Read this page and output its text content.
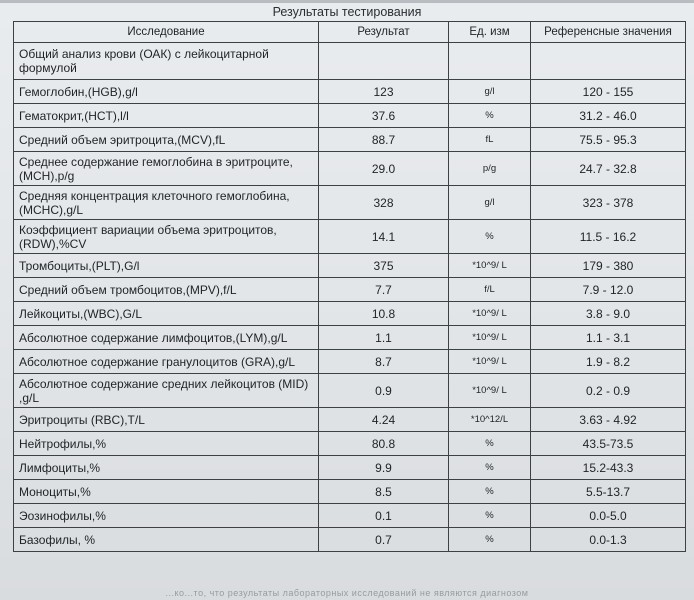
Результаты тестирования
Исследование	Результат	Ед. изм	Референсные значения
Общий анализ крови (ОАК) с лейкоцитарной формулой			
Гемоглобин,(HGB),g/l	123	g/l	120 - 155
Гематокрит,(HCT),l/l	37.6	%	31.2 - 46.0
Средний объем эритроцита,(MCV),fL	88.7	fL	75.5 - 95.3
Среднее содержание гемоглобина в эритроците, (MCH),p/g	29.0	p/g	24.7 - 32.8
Средняя концентрация клеточного гемоглобина, (MCHC),g/L	328	g/l	323 - 378
Коэффициент вариации объема эритроцитов, (RDW),%CV	14.1	%	11.5 - 16.2
Тромбоциты,(PLT),G/l	375	*10^9/ L	179 - 380
Средний объем тромбоцитов,(MPV),f/L	7.7	f/L	7.9 - 12.0
Лейкоциты,(WBC),G/L	10.8	*10^9/ L	3.8 - 9.0
Абсолютное содержание лимфоцитов,(LYM),g/L	1.1	*10^9/ L	1.1 - 3.1
Абсолютное содержание гранулоцитов (GRA),g/L	8.7	*10^9/ L	1.9 - 8.2
Абсолютное содержание средних лейкоцитов (MID) ,g/L	0.9	*10^9/ L	0.2 - 0.9
Эритроциты (RBC),T/L	4.24	*10^12/L	3.63 - 4.92
Нейтрофилы,%	80.8	%	43.5-73.5
Лимфоциты,%	9.9	%	15.2-43.3
Моноциты,%	8.5	%	5.5-13.7
Эозинофилы,%	0.1	%	0.0-5.0
Базофилы, %	0.7	%	0.0-1.3
...ко...то, что результаты лабораторных исследований не являются диагнозом
